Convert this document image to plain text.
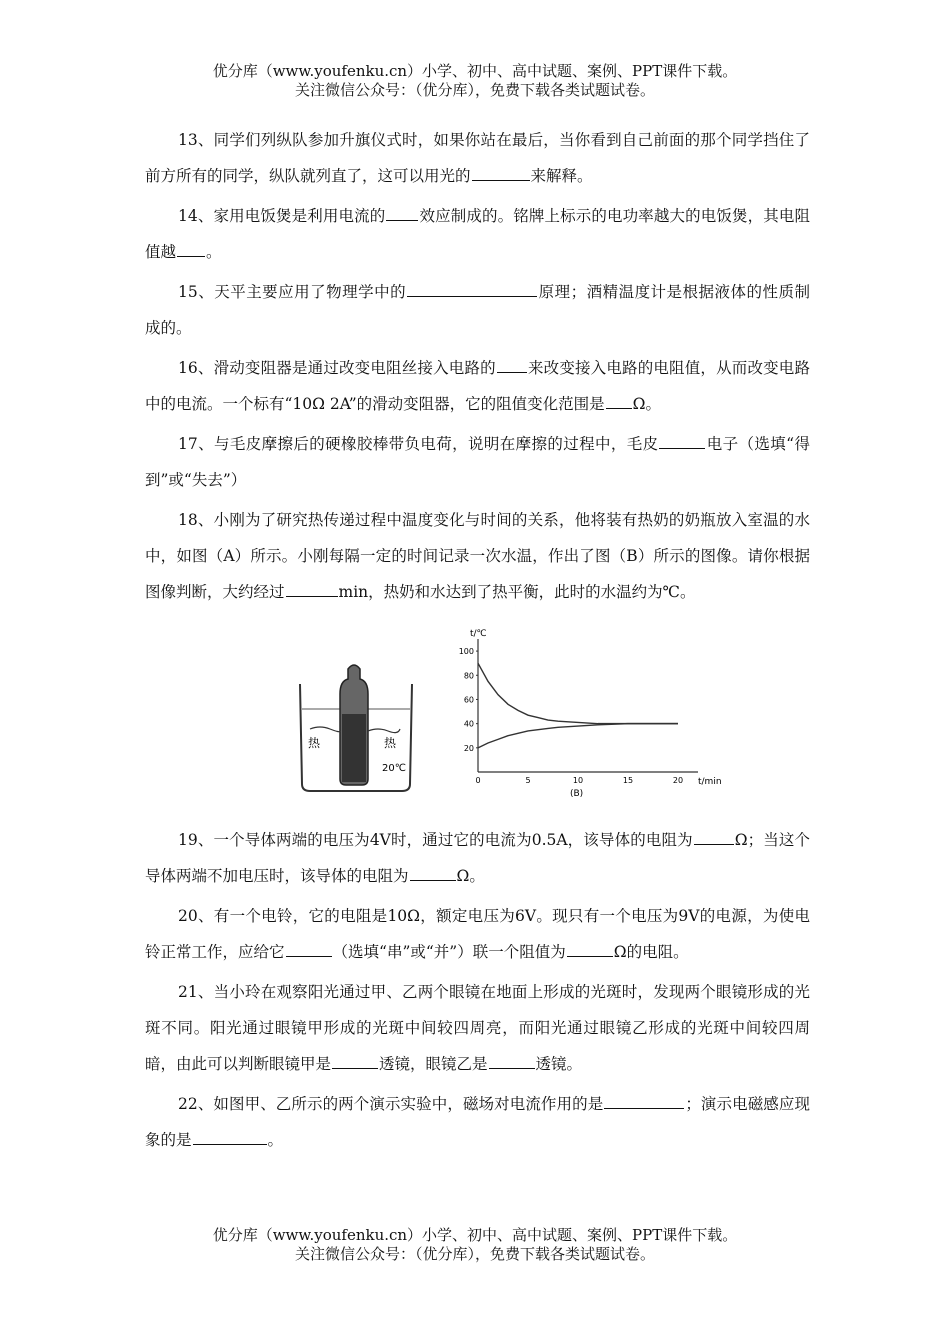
优分库（www.youfenku.cn）小学、初中、高中试题、案例、PPT课件下载。
关注微信公众号：（优分库），免费下载各类试题试卷。

13、同学们列纵队参加升旗仪式时，如果你站在最后，当你看到自己前面的那个同学挡住了前方所有的同学，纵队就列直了，这可以用光的	来解释。

14、家用电饭煲是利用电流的 效应制成的。铭牌上标示的电功率越大的电饭煲，其电阻值越 。

15、天平主要应用了物理学中的	原理；酒精温度计是根据液体的性质制成的。

16、滑动变阻器是通过改变电阻丝接入电路的 来改变接入电路的电阻值，从而改变电路中的电流。一个标有“10Ω 2A”的滑动变阻器，它的阻值变化范围是 Ω。

17、与毛皮摩擦后的硬橡胶棒带负电荷，说明在摩擦的过程中，毛皮	电子（选填“得到”或“失去”）

18、小刚为了研究热传递过程中温度变化与时间的关系，他将装有热奶的奶瓶放入室温的水中，如图（A）所示。小刚每隔一定的时间记录一次水温，作出了图（B）所示的图像。请你根据图像判断，大约经过	min，热奶和水达到了热平衡，此时的水温约为℃。

热	热
20℃
t/℃
t/min
(B)
20
40
60
80
100
0	5	10	15	20

19、一个导体两端的电压为4V时，通过它的电流为0.5A，该导体的电阻为	Ω；当这个导体两端不加电压时，该导体的电阻为	Ω。

20、有一个电铃，它的电阻是10Ω，额定电压为6V。现只有一个电压为9V的电源，为使电铃正常工作，应给它	（选填“串”或“并”）联一个阻值为	Ω的电阻。

21、当小玲在观察阳光通过甲、乙两个眼镜在地面上形成的光斑时，发现两个眼镜形成的光斑不同。阳光通过眼镜甲形成的光斑中间较四周亮，而阳光通过眼镜乙形成的光斑中间较四周暗，由此可以判断眼镜甲是	透镜，眼镜乙是	透镜。

22、如图甲、乙所示的两个演示实验中，磁场对电流作用的是	；演示电磁感应现象的是	。

优分库（www.youfenku.cn）小学、初中、高中试题、案例、PPT课件下载。
关注微信公众号：（优分库），免费下载各类试题试卷。
